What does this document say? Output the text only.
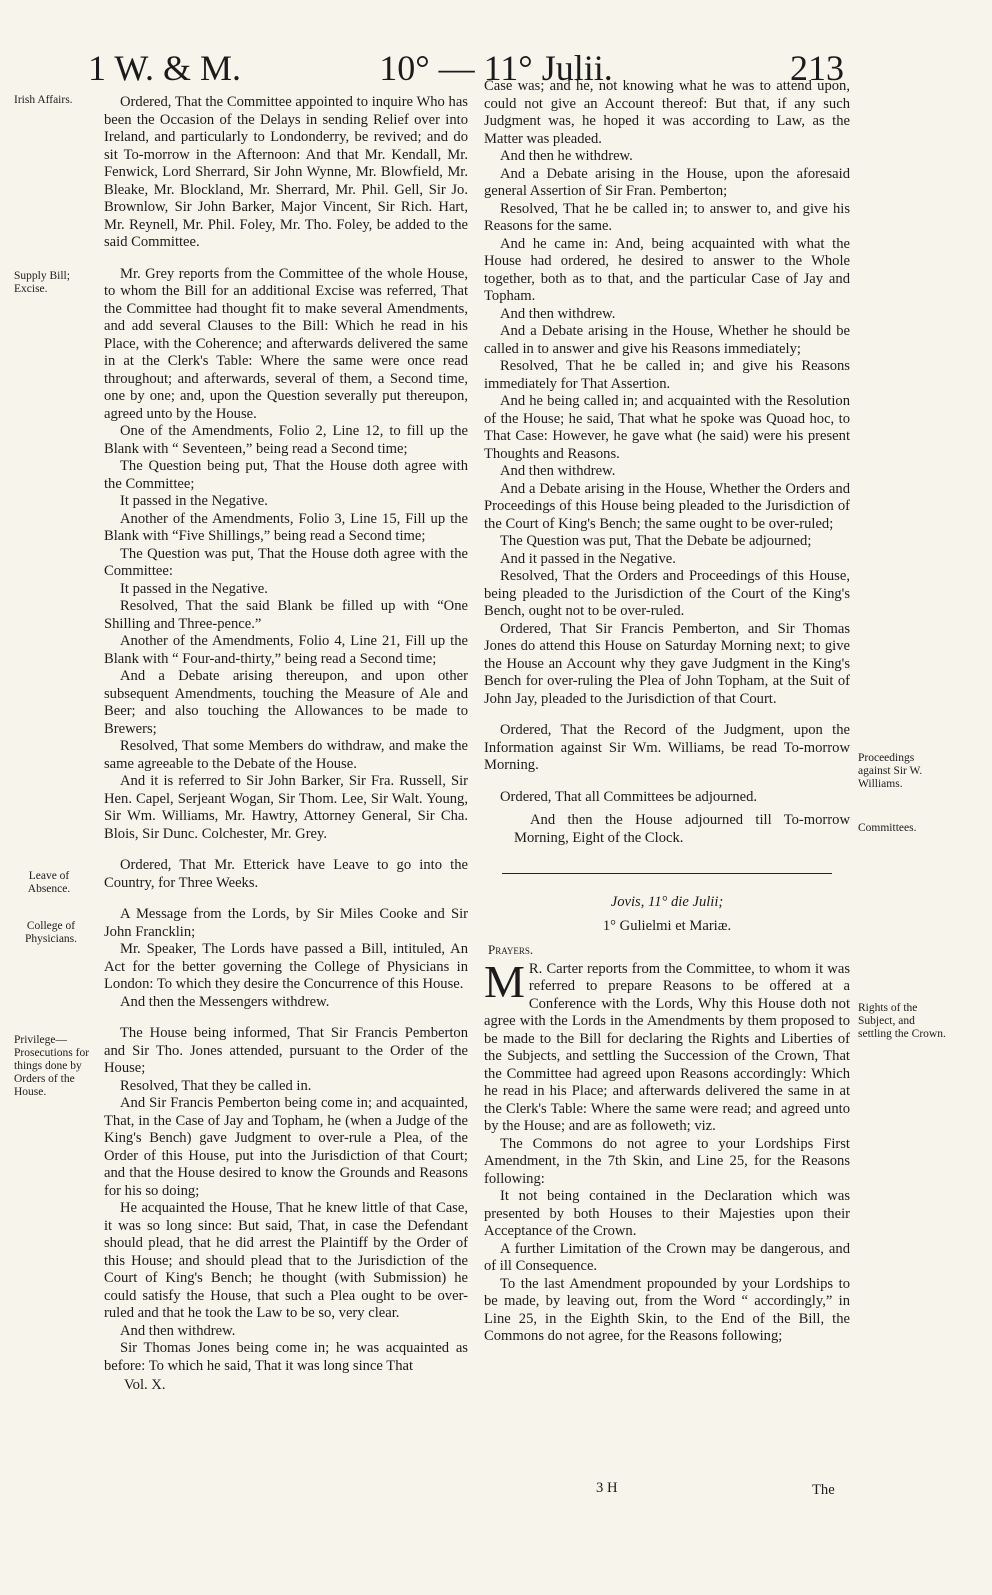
1 W. & M.	10° — 11° Julii.	213
Irish Affairs.
Supply Bill; Excise.
Leave of Absence.
College of Physicians.
Privilege— Prosecutions for things done by Orders of the House.
Proceedings against Sir W. Williams.
Committees.
Rights of the Subject, and settling the Crown.

Ordered, That the Committee appointed to inquire Who has been the Occasion of the Delays in sending Relief over into Ireland, and particularly to Londonderry, be revived; and do sit To-morrow in the Afternoon: And that Mr. Kendall, Mr. Fenwick, Lord Sherrard, Sir John Wynne, Mr. Blowfield, Mr. Bleake, Mr. Blockland, Mr. Sherrard, Mr. Phil. Gell, Sir Jo. Brownlow, Sir John Barker, Major Vincent, Sir Rich. Hart, Mr. Reynell, Mr. Phil. Foley, Mr. Tho. Foley, be added to the said Committee.

Mr. Grey reports from the Committee of the whole House, to whom the Bill for an additional Excise was referred, That the Committee had thought fit to make several Amendments, and add several Clauses to the Bill: Which he read in his Place, with the Coherence; and afterwards delivered the same in at the Clerk's Table: Where the same were once read throughout; and afterwards, several of them, a Second time, one by one; and, upon the Question severally put thereupon, agreed unto by the House.

One of the Amendments, Folio 2, Line 12, to fill up the Blank with “ Seventeen,” being read a Second time;

The Question being put, That the House doth agree with the Committee;

It passed in the Negative.

Another of the Amendments, Folio 3, Line 15, Fill up the Blank with “Five Shillings,” being read a Second time;

The Question was put, That the House doth agree with the Committee:

It passed in the Negative.

Resolved, That the said Blank be filled up with “One Shilling and Three-pence.”

Another of the Amendments, Folio 4, Line 21, Fill up the Blank with “ Four-and-thirty,” being read a Second time;

And a Debate arising thereupon, and upon other subsequent Amendments, touching the Measure of Ale and Beer; and also touching the Allowances to be made to Brewers;

Resolved, That some Members do withdraw, and make the same agreeable to the Debate of the House.

And it is referred to Sir John Barker, Sir Fra. Russell, Sir Hen. Capel, Serjeant Wogan, Sir Thom. Lee, Sir Walt. Young, Sir Wm. Williams, Mr. Hawtry, Attorney General, Sir Cha. Blois, Sir Dunc. Colchester, Mr. Grey.

Ordered, That Mr. Etterick have Leave to go into the Country, for Three Weeks.

A Message from the Lords, by Sir Miles Cooke and Sir John Francklin;

Mr. Speaker, The Lords have passed a Bill, intituled, An Act for the better governing the College of Physicians in London: To which they desire the Concurrence of this House.

And then the Messengers withdrew.

The House being informed, That Sir Francis Pemberton and Sir Tho. Jones attended, pursuant to the Order of the House;

Resolved, That they be called in.

And Sir Francis Pemberton being come in; and acquainted, That, in the Case of Jay and Topham, he (when a Judge of the King's Bench) gave Judgment to over-rule a Plea, of the Order of this House, put into the Jurisdiction of that Court; and that the House desired to know the Grounds and Reasons for his so doing;

He acquainted the House, That he knew little of that Case, it was so long since: But said, That, in case the Defendant should plead, that he did arrest the Plaintiff by the Order of this House; and should plead that to the Jurisdiction of the Court of King's Bench; he thought (with Submission) he could satisfy the House, that such a Plea ought to be over-ruled and that he took the Law to be so, very clear.

And then withdrew.

Sir Thomas Jones being come in; he was acquainted as before: To which he said, That it was long since That

Vol. X.

Case was; and he, not knowing what he was to attend upon, could not give an Account thereof: But that, if any such Judgment was, he hoped it was according to Law, as the Matter was pleaded.

And then he withdrew.

And a Debate arising in the House, upon the aforesaid general Assertion of Sir Fran. Pemberton;

Resolved, That he be called in; to answer to, and give his Reasons for the same.

And he came in: And, being acquainted with what the House had ordered, he desired to answer to the Whole together, both as to that, and the particular Case of Jay and Topham.

And then withdrew.

And a Debate arising in the House, Whether he should be called in to answer and give his Reasons immediately;

Resolved, That he be called in; and give his Reasons immediately for That Assertion.

And he being called in; and acquainted with the Resolution of the House; he said, That what he spoke was Quoad hoc, to That Case: However, he gave what (he said) were his present Thoughts and Reasons.

And then withdrew.

And a Debate arising in the House, Whether the Orders and Proceedings of this House being pleaded to the Jurisdiction of the Court of King's Bench; the same ought to be over-ruled;

The Question was put, That the Debate be adjourned;

And it passed in the Negative.

Resolved, That the Orders and Proceedings of this House, being pleaded to the Jurisdiction of the Court of the King's Bench, ought not to be over-ruled.

Ordered, That Sir Francis Pemberton, and Sir Thomas Jones do attend this House on Saturday Morning next; to give the House an Account why they gave Judgment in the King's Bench for over-ruling the Plea of John Topham, at the Suit of John Jay, pleaded to the Jurisdiction of that Court.

Ordered, That the Record of the Judgment, upon the Information against Sir Wm. Williams, be read To-morrow Morning.

Ordered, That all Committees be adjourned.

And then the House adjourned till To-morrow Morning, Eight of the Clock.

Jovis, 11° die Julii;

1° Gulielmi et Mariæ.

Prayers.

M R. Carter reports from the Committee, to whom it was referred to prepare Reasons to be offered at a Conference with the Lords, Why this House doth not agree with the Lords in the Amendments by them proposed to be made to the Bill for declaring the Rights and Liberties of the Subjects, and settling the Succession of the Crown, That the Committee had agreed upon Reasons accordingly: Which he read in his Place; and afterwards delivered the same in at the Clerk's Table: Where the same were read; and agreed unto by the House; and are as followeth; viz.

The Commons do not agree to your Lordships First Amendment, in the 7th Skin, and Line 25, for the Reasons following:

It not being contained in the Declaration which was presented by both Houses to their Majesties upon their Acceptance of the Crown.

A further Limitation of the Crown may be dangerous, and of ill Consequence.

To the last Amendment propounded by your Lordships to be made, by leaving out, from the Word “ accordingly,” in Line 25, in the Eighth Skin, to the End of the Bill, the Commons do not agree, for the Reasons following;

3 H	The
